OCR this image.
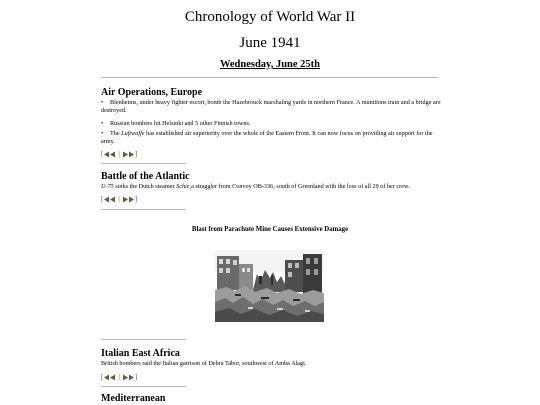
Chronology of World War II
June 1941
Wednesday, June 25th
Air Operations, Europe
• Blenheims, under heavy fighter escort, bomb the Hazebrouck marshaling yards in northern France. A munitions train and a bridge are destroyed.
• Russian bombers hit Helsinki and 5 other Finnish towns.
• The Luftwaffe has established air superiority over the whole of the Eastern Front. It can now focus on providing air support for the army.
[ | ]
Battle of the Atlantic
U-75 sinks the Dutch steamer Schie,a straggler from Convoy OB-336, south of Greenland with the loss of all 29 of her crew.
[ | ]
Blast from Parachute Mine Causes Extensive Damage
Italian East Africa
British bombers raid the Italian garrison of Debra Tabor, southwest of Amba Alagi.
[ | ]
Mediterranean
